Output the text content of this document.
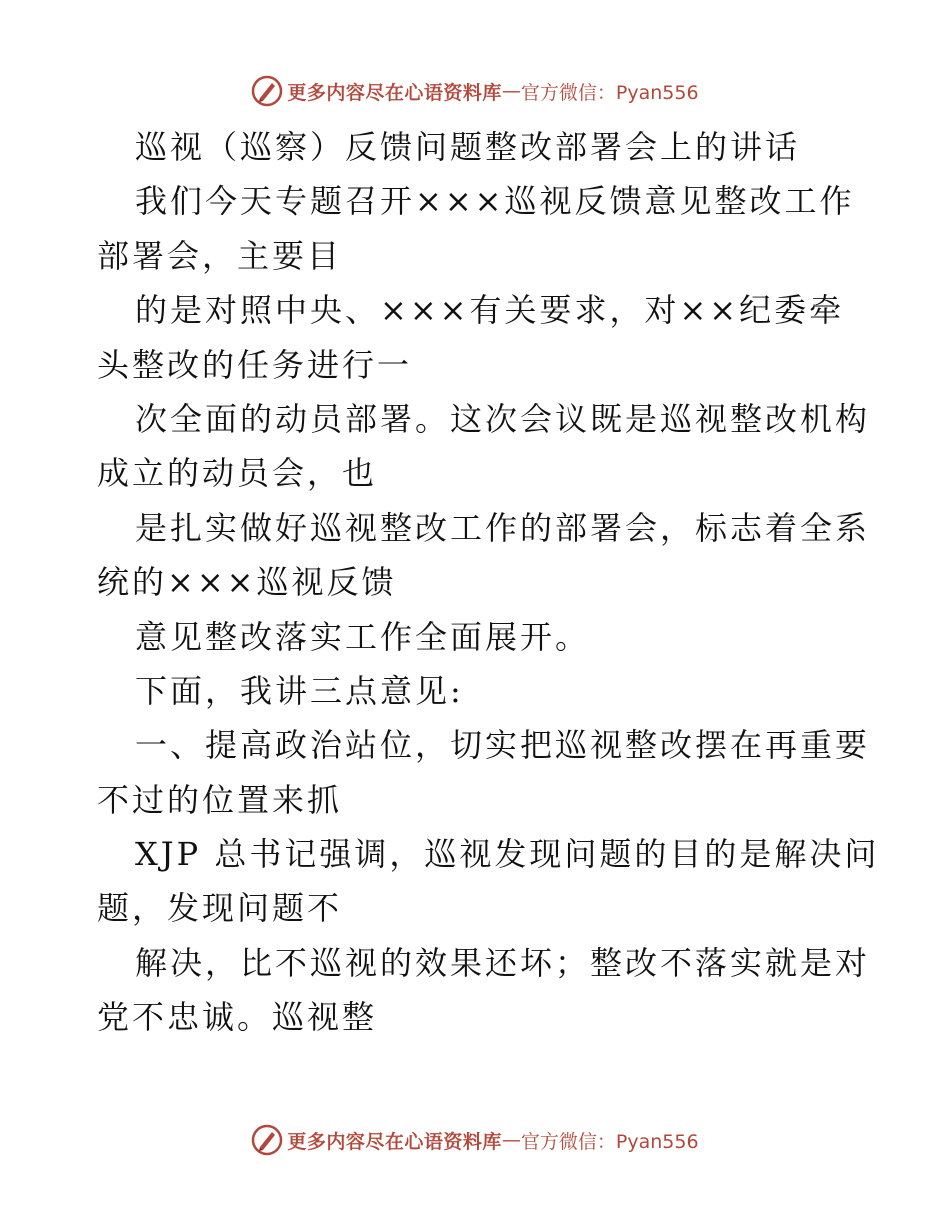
更多内容尽在心语资料库 — 官方微信：Pyan556
巡视（巡察）反馈问题整改部署会上的讲话
我们今天专题召开×××巡视反馈意见整改工作
部署会，主要目
的是对照中央、×××有关要求，对××纪委牵
头整改的任务进行一
次全面的动员部署。这次会议既是巡视整改机构
成立的动员会，也
是扎实做好巡视整改工作的部署会，标志着全系
统的×××巡视反馈
意见整改落实工作全面展开。
下面，我讲三点意见:
一、提高政治站位，切实把巡视整改摆在再重要
不过的位置来抓
XJP 总书记强调，巡视发现问题的目的是解决问
题，发现问题不
解决，比不巡视的效果还坏；整改不落实就是对
党不忠诚。巡视整
更多内容尽在心语资料库 — 官方微信：Pyan556
